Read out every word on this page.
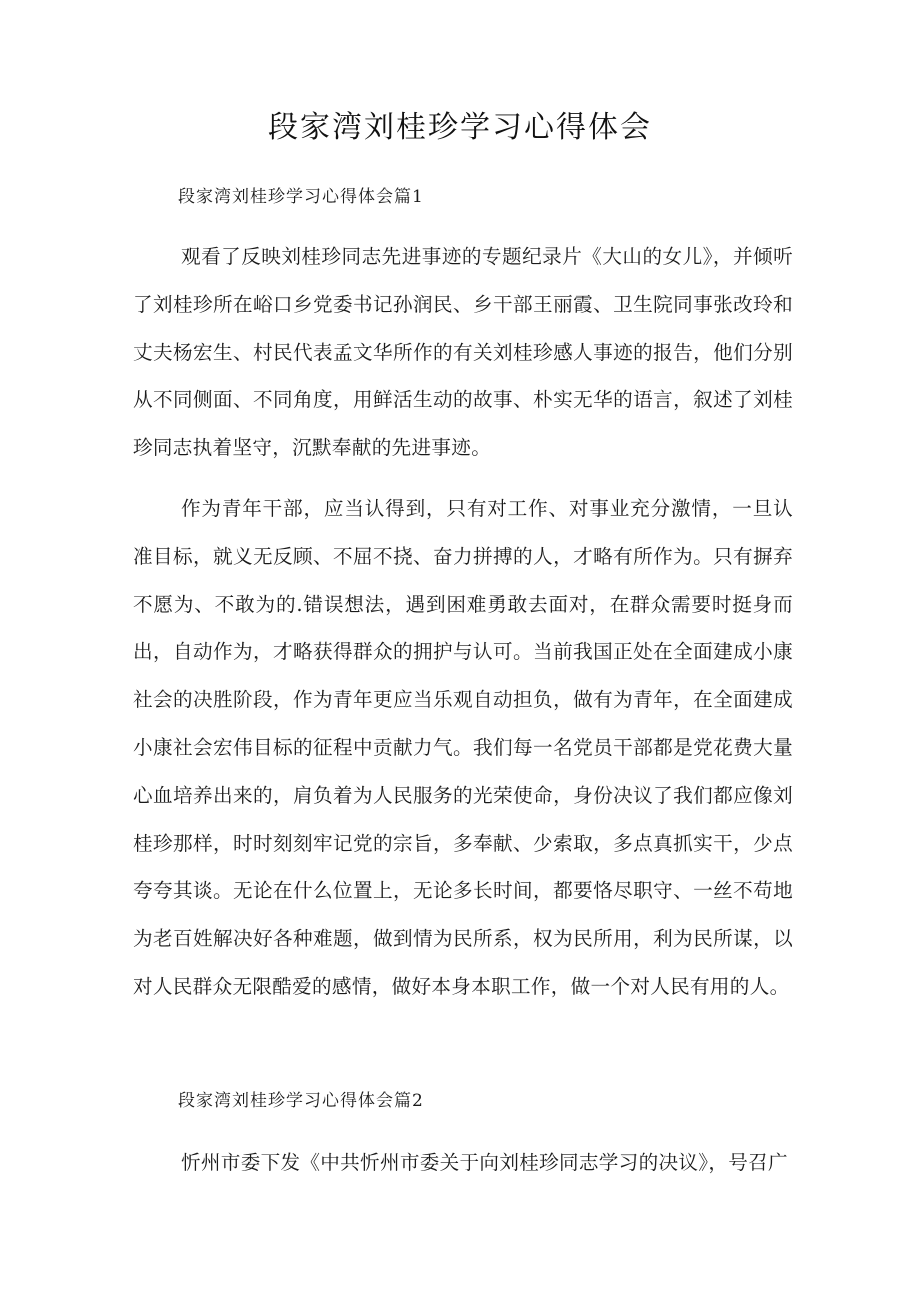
段家湾刘桂珍学习心得体会
段家湾刘桂珍学习心得体会篇1

观看了反映刘桂珍同志先进事迹的专题纪录片《大山的女儿》，并倾听了刘桂珍所在峪口乡党委书记孙润民、乡干部王丽霞、卫生院同事张改玲和丈夫杨宏生、村民代表孟文华所作的有关刘桂珍感人事迹的报告，他们分别从不同侧面、不同角度，用鲜活生动的故事、朴实无华的语言，叙述了刘桂珍同志执着坚守，沉默奉献的先进事迹。

作为青年干部，应当认得到，只有对工作、对事业充分激情，一旦认准目标，就义无反顾、不屈不挠、奋力拼搏的人，才略有所作为。只有摒弃不愿为、不敢为的.错误想法，遇到困难勇敢去面对，在群众需要时挺身而出，自动作为，才略获得群众的拥护与认可。当前我国正处在全面建成小康社会的决胜阶段，作为青年更应当乐观自动担负，做有为青年，在全面建成小康社会宏伟目标的征程中贡献力气。我们每一名党员干部都是党花费大量心血培养出来的，肩负着为人民服务的光荣使命，身份决议了我们都应像刘桂珍那样，时时刻刻牢记党的宗旨，多奉献、少索取，多点真抓实干，少点夸夸其谈。无论在什么位置上，无论多长时间，都要恪尽职守、一丝不苟地为老百姓解决好各种难题，做到情为民所系，权为民所用，利为民所谋，以对人民群众无限酷爱的感情，做好本身本职工作，做一个对人民有用的人。

段家湾刘桂珍学习心得体会篇2

忻州市委下发《中共忻州市委关于向刘桂珍同志学习的决议》，号召广
